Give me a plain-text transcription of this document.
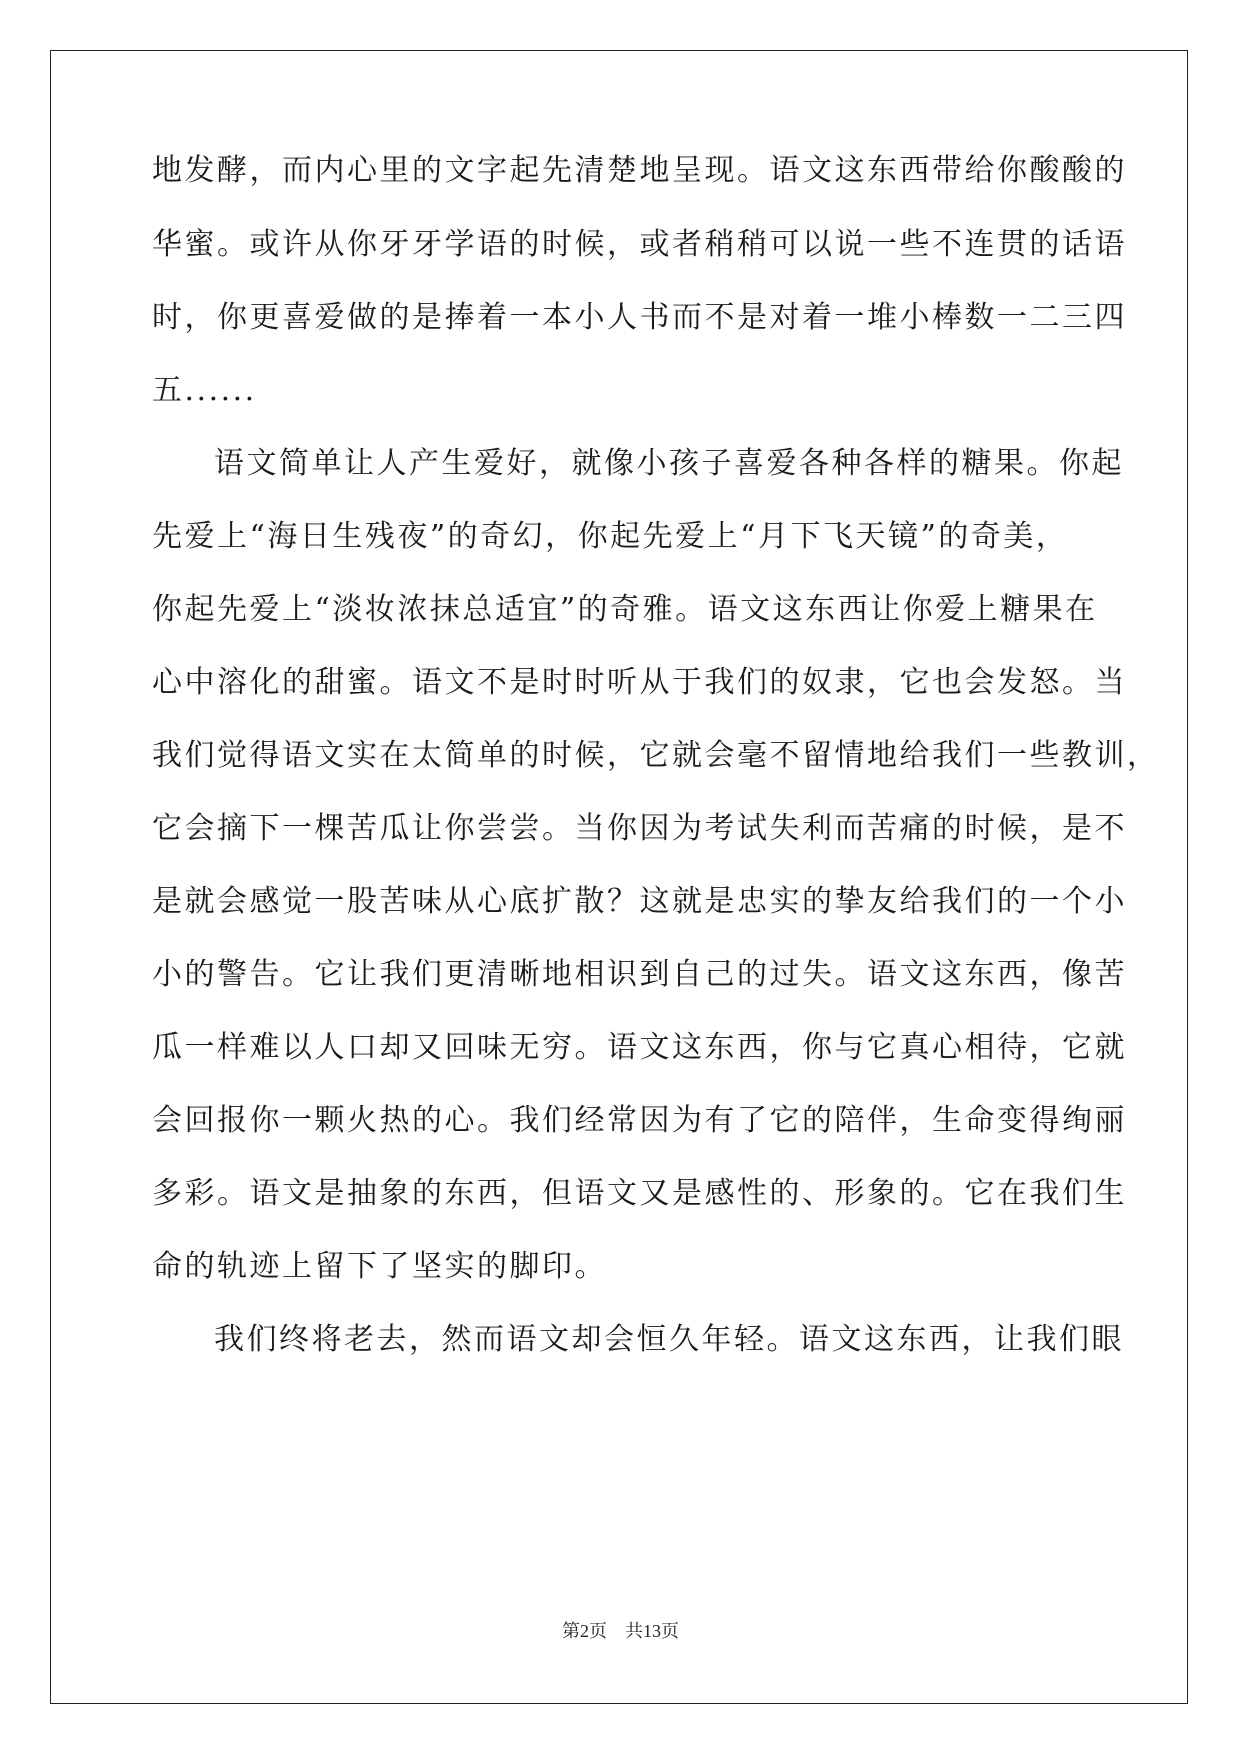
地发酵，而内心里的文字起先清楚地呈现。语文这东西带给你酸酸的
华蜜。或许从你牙牙学语的时候，或者稍稍可以说一些不连贯的话语
时，你更喜爱做的是捧着一本小人书而不是对着一堆小棒数一二三四
五......
语文简单让人产生爱好，就像小孩子喜爱各种各样的糖果。你起
先爱上“海日生残夜”的奇幻，你起先爱上“月下飞天镜”的奇美，
你起先爱上“淡妆浓抹总适宜”的奇雅。语文这东西让你爱上糖果在
心中溶化的甜蜜。语文不是时时听从于我们的奴隶，它也会发怒。当
我们觉得语文实在太简单的时候，它就会毫不留情地给我们一些教训，
它会摘下一棵苦瓜让你尝尝。当你因为考试失利而苦痛的时候，是不
是就会感觉一股苦味从心底扩散？这就是忠实的挚友给我们的一个小
小的警告。它让我们更清晰地相识到自己的过失。语文这东西，像苦
瓜一样难以人口却又回味无穷。语文这东西，你与它真心相待，它就
会回报你一颗火热的心。我们经常因为有了它的陪伴，生命变得绚丽
多彩。语文是抽象的东西，但语文又是感性的、形象的。它在我们生
命的轨迹上留下了坚实的脚印。
我们终将老去，然而语文却会恒久年轻。语文这东西，让我们眼
第2页 共13页
